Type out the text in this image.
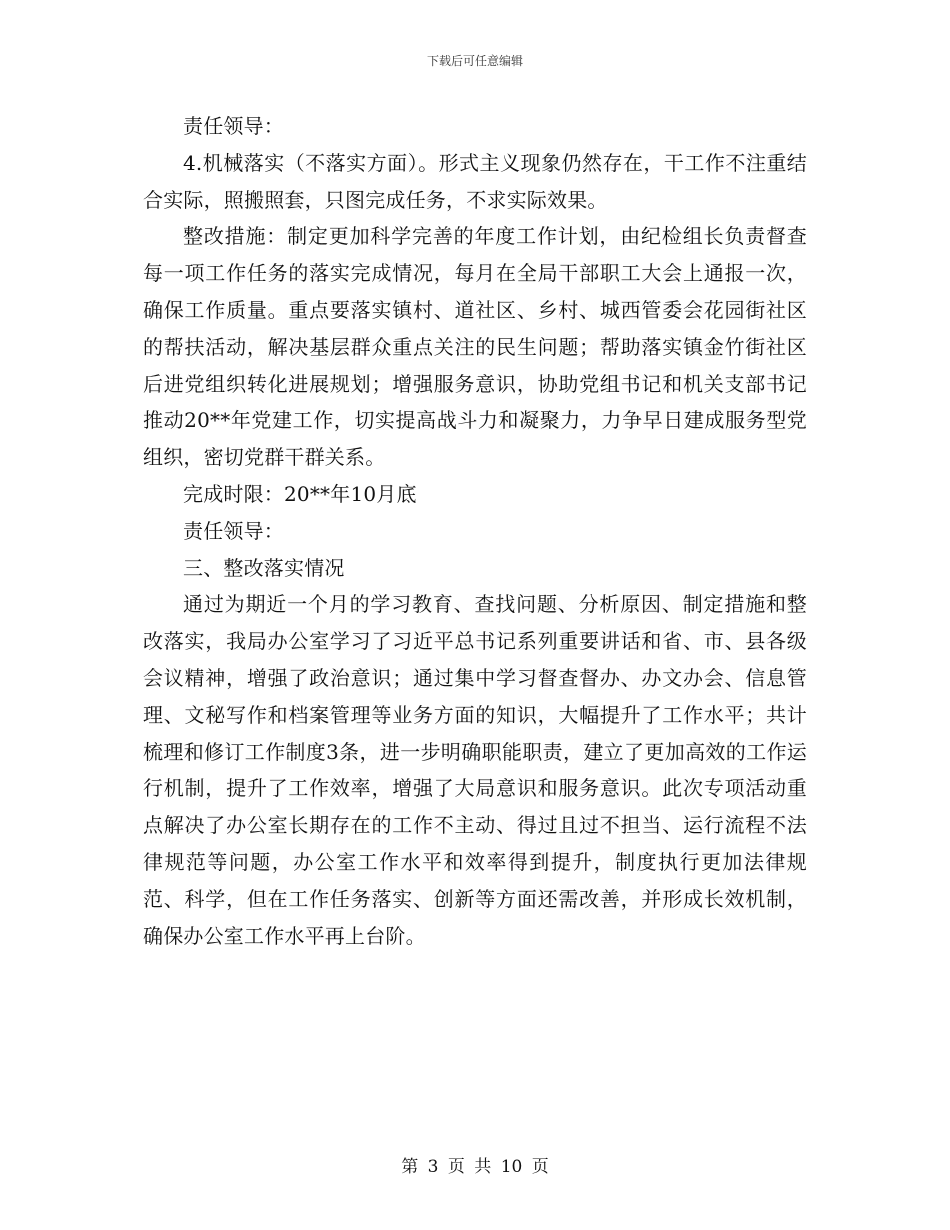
下载后可任意编辑

责任领导：

4.机械落实（不落实方面）。形式主义现象仍然存在，干工作不注重结合实际，照搬照套，只图完成任务，不求实际效果。

整改措施：制定更加科学完善的年度工作计划，由纪检组长负责督查每一项工作任务的落实完成情况，每月在全局干部职工大会上通报一次，确保工作质量。重点要落实镇村、道社区、乡村、城西管委会花园街社区的帮扶活动，解决基层群众重点关注的民生问题；帮助落实镇金竹街社区后进党组织转化进展规划；增强服务意识，协助党组书记和机关支部书记推动20**年党建工作，切实提高战斗力和凝聚力，力争早日建成服务型党组织，密切党群干群关系。

完成时限：20**年10月底

责任领导：

三、整改落实情况

通过为期近一个月的学习教育、查找问题、分析原因、制定措施和整改落实，我局办公室学习了习近平总书记系列重要讲话和省、市、县各级会议精神，增强了政治意识；通过集中学习督查督办、办文办会、信息管理、文秘写作和档案管理等业务方面的知识，大幅提升了工作水平；共计梳理和修订工作制度3条，进一步明确职能职责，建立了更加高效的工作运行机制，提升了工作效率，增强了大局意识和服务意识。此次专项活动重点解决了办公室长期存在的工作不主动、得过且过不担当、运行流程不法律规范等问题，办公室工作水平和效率得到提升，制度执行更加法律规范、科学，但在工作任务落实、创新等方面还需改善，并形成长效机制，确保办公室工作水平再上台阶。

第 3 页 共 10 页
